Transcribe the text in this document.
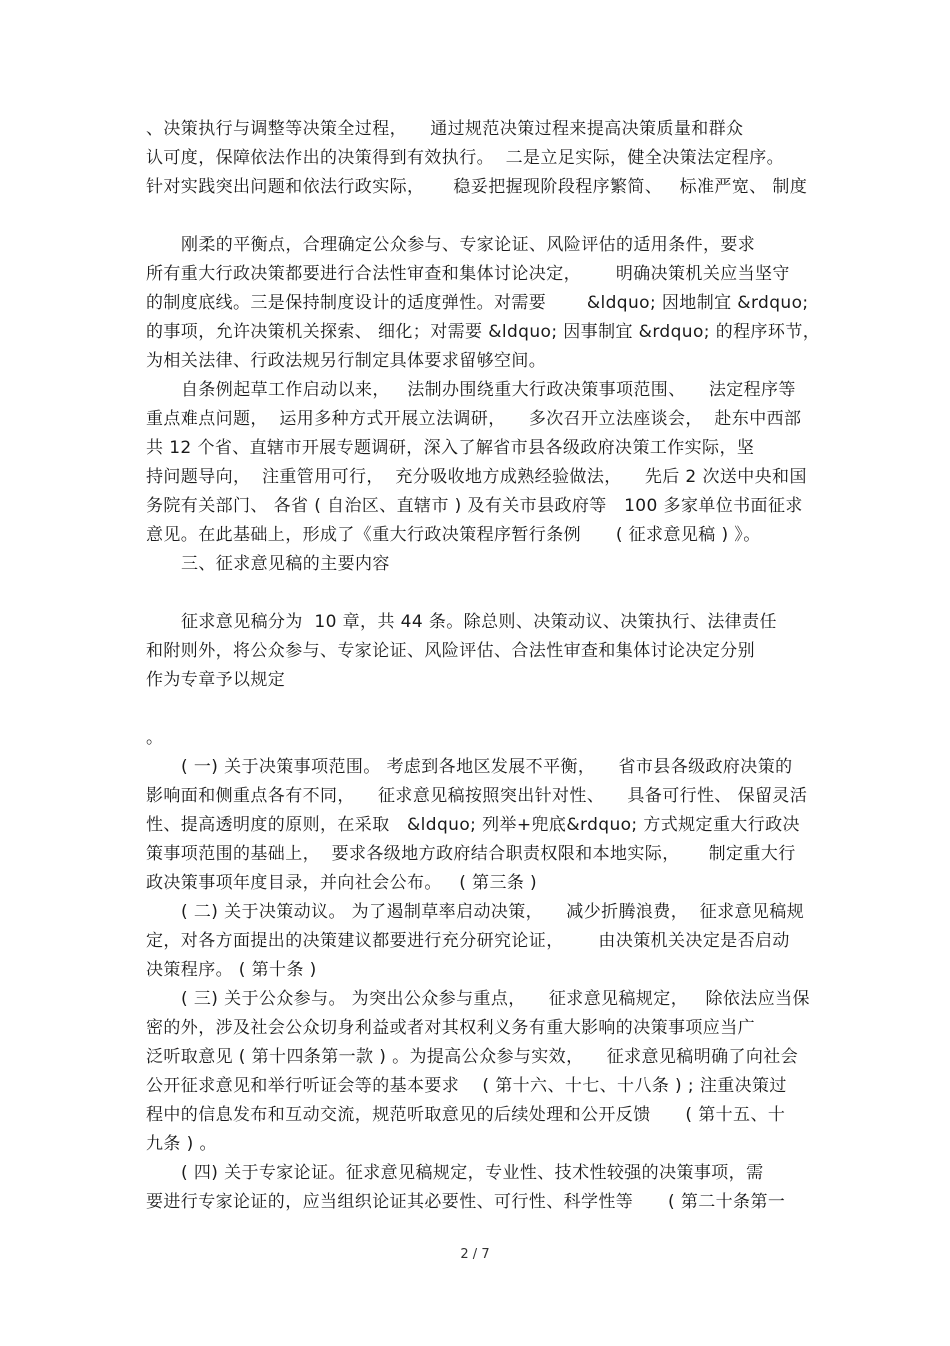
、决策执行与调整等决策全过程，    通过规范决策过程来提高决策质量和群众
认可度，保障依法作出的决策得到有效执行。  二是立足实际，健全决策法定程序。
针对实践突出问题和依法行政实际，     稳妥把握现阶段程序繁简、   标准严宽、 制度
刚柔的平衡点，合理确定公众参与、专家论证、风险评估的适用条件，要求
所有重大行政决策都要进行合法性审查和集体讨论决定，      明确决策机关应当坚守
的制度底线。三是保持制度设计的适度弹性。对需要       &ldquo; 因地制宜 &rdquo;
的事项，允许决策机关探索、 细化；对需要 &ldquo; 因事制宜 &rdquo; 的程序环节，
为相关法律、行政法规另行制定具体要求留够空间。
自条例起草工作启动以来，   法制办围绕重大行政决策事项范围、    法定程序等
重点难点问题，  运用多种方式开展立法调研，    多次召开立法座谈会，  赴东中西部
共 12 个省、直辖市开展专题调研，深入了解省市县各级政府决策工作实际，坚
持问题导向，  注重管用可行，  充分吸收地方成熟经验做法，    先后 2 次送中央和国
务院有关部门、 各省 ( 自治区、直辖市 ) 及有关市县政府等   100 多家单位书面征求
意见。在此基础上，形成了《重大行政决策程序暂行条例      ( 征求意见稿 ) 》。
三、征求意见稿的主要内容
征求意见稿分为  10 章，共 44 条。除总则、决策动议、决策执行、法律责任
和附则外，将公众参与、专家论证、风险评估、合法性审查和集体讨论决定分别
作为专章予以规定
。
( 一) 关于决策事项范围。 考虑到各地区发展不平衡，    省市县各级政府决策的
影响面和侧重点各有不同，    征求意见稿按照突出针对性、    具备可行性、 保留灵活
性、提高透明度的原则，在采取   &ldquo; 列举+兜底&rdquo; 方式规定重大行政决
策事项范围的基础上，  要求各级地方政府结合职责权限和本地实际，     制定重大行
政决策事项年度目录，并向社会公布。   ( 第三条 )
( 二) 关于决策动议。 为了遏制草率启动决策，    减少折腾浪费，  征求意见稿规
定，对各方面提出的决策建议都要进行充分研究论证，      由决策机关决定是否启动
决策程序。 ( 第十条 )
( 三) 关于公众参与。 为突出公众参与重点，    征求意见稿规定，   除依法应当保
密的外，涉及社会公众切身利益或者对其权利义务有重大影响的决策事项应当广
泛听取意见 ( 第十四条第一款 ) 。为提高公众参与实效，    征求意见稿明确了向社会
公开征求意见和举行听证会等的基本要求    ( 第十六、十七、十八条 ) ; 注重决策过
程中的信息发布和互动交流，规范听取意见的后续处理和公开反馈      ( 第十五、十
九条 ) 。
( 四) 关于专家论证。征求意见稿规定，专业性、技术性较强的决策事项，需
要进行专家论证的，应当组织论证其必要性、可行性、科学性等      ( 第二十条第一
2 / 7
